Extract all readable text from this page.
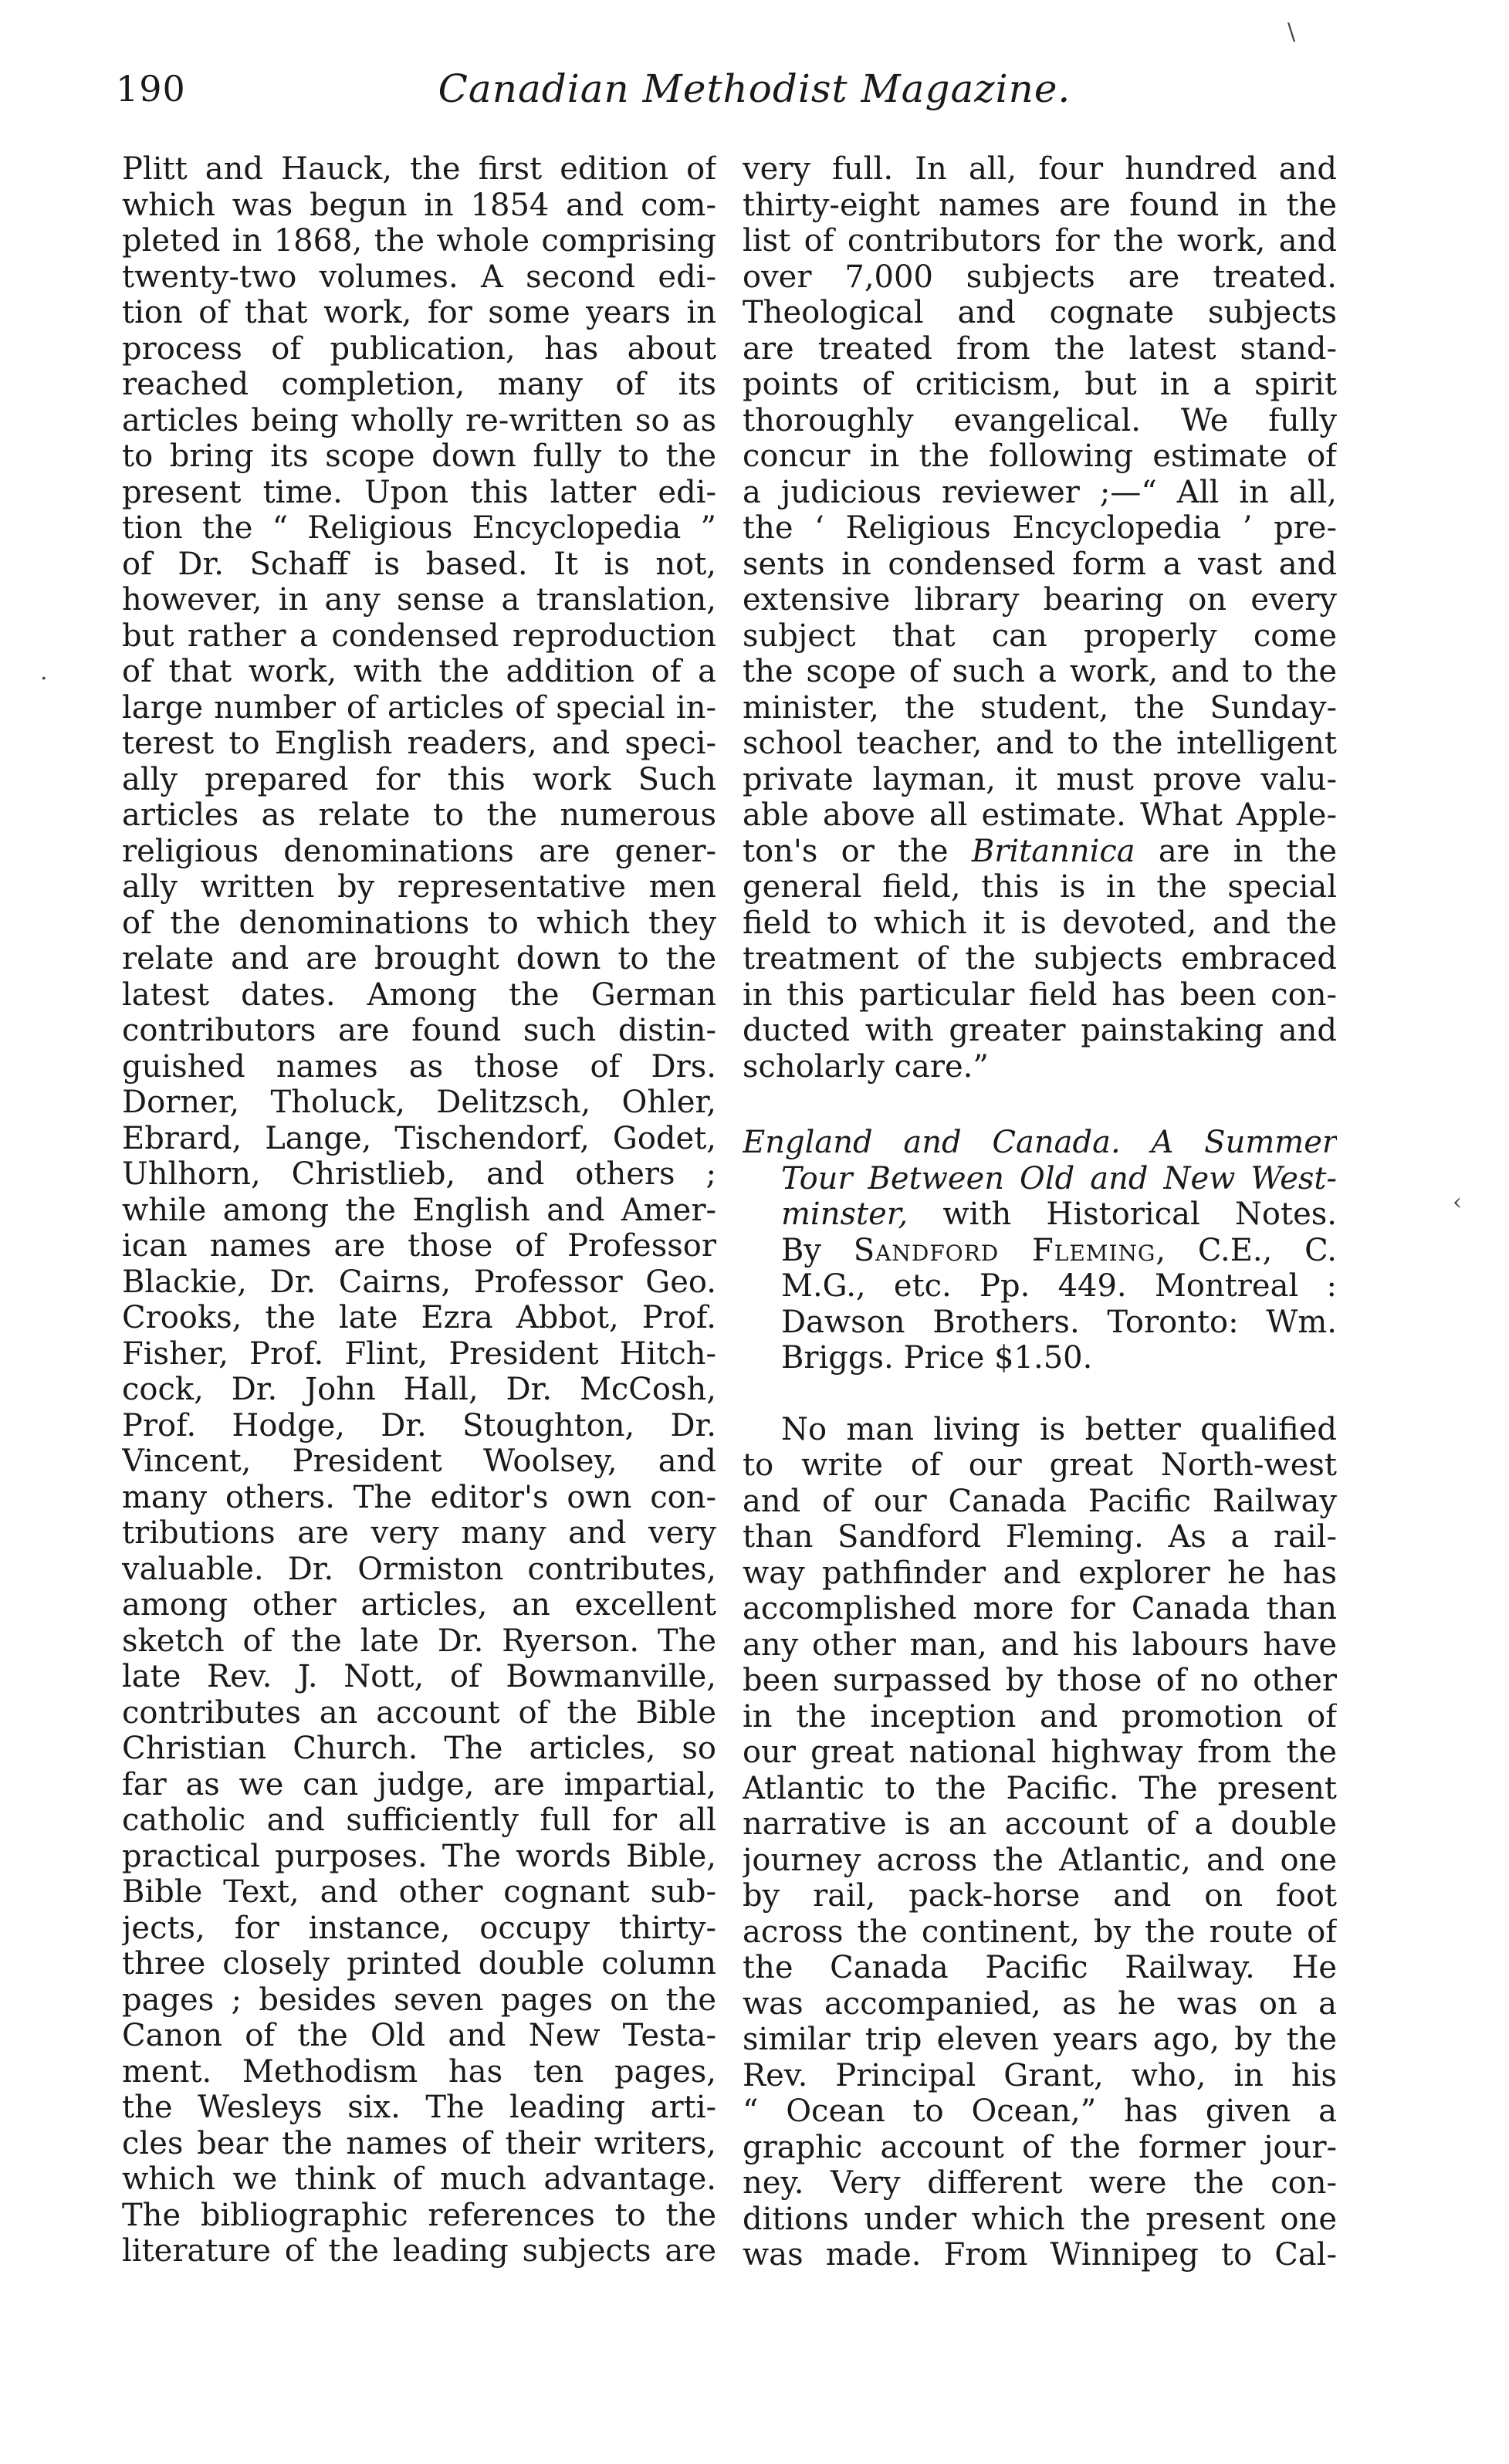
190	Canadian Methodist Magazine.
Plitt and Hauck, the first edition of
which was begun in 1854 and com-
pleted in 1868, the whole comprising
twenty-two volumes. A second edi-
tion of that work, for some years in
process of publication, has about
reached completion, many of its
articles being wholly re-written so as
to bring its scope down fully to the
present time. Upon this latter edi-
tion the “ Religious Encyclopedia ”
of Dr. Schaff is based. It is not,
however, in any sense a translation,
but rather a condensed reproduction
of that work, with the addition of a
large number of articles of special in-
terest to English readers, and speci-
ally prepared for this work Such
articles as relate to the numerous
religious denominations are gener-
ally written by representative men
of the denominations to which they
relate and are brought down to the
latest dates. Among the German
contributors are found such distin-
guished names as those of Drs.
Dorner, Tholuck, Delitzsch, Ohler,
Ebrard, Lange, Tischendorf, Godet,
Uhlhorn, Christlieb, and others ;
while among the English and Amer-
ican names are those of Professor
Blackie, Dr. Cairns, Professor Geo.
Crooks, the late Ezra Abbot, Prof.
Fisher, Prof. Flint, President Hitch-
cock, Dr. John Hall, Dr. McCosh,
Prof. Hodge, Dr. Stoughton, Dr.
Vincent, President Woolsey, and
many others. The editor's own con-
tributions are very many and very
valuable. Dr. Ormiston contributes,
among other articles, an excellent
sketch of the late Dr. Ryerson. The
late Rev. J. Nott, of Bowmanville,
contributes an account of the Bible
Christian Church. The articles, so
far as we can judge, are impartial,
catholic and sufficiently full for all
practical purposes. The words Bible,
Bible Text, and other cognant sub-
jects, for instance, occupy thirty-
three closely printed double column
pages ; besides seven pages on the
Canon of the Old and New Testa-
ment. Methodism has ten pages,
the Wesleys six. The leading arti-
cles bear the names of their writers,
which we think of much advantage.
The bibliographic references to the
literature of the leading subjects are
very full. In all, four hundred and
thirty-eight names are found in the
list of contributors for the work, and
over 7,000 subjects are treated.
Theological and cognate subjects
are treated from the latest stand-
points of criticism, but in a spirit
thoroughly evangelical. We fully
concur in the following estimate of
a judicious reviewer ;—“ All in all,
the ‘ Religious Encyclopedia ’ pre-
sents in condensed form a vast and
extensive library bearing on every
subject that can properly come
the scope of such a work, and to the
minister, the student, the Sunday-
school teacher, and to the intelligent
private layman, it must prove valu-
able above all estimate. What Apple-
ton's or the Britannica are in the
general field, this is in the special
field to which it is devoted, and the
treatment of the subjects embraced
in this particular field has been con-
ducted with greater painstaking and
scholarly care.”
England and Canada. A Summer
Tour Between Old and New West-
minster, with Historical Notes.
By Sandford Fleming, C.E., C.
M.G., etc. Pp. 449. Montreal :
Dawson Brothers. Toronto: Wm.
Briggs. Price $1.50.
No man living is better qualified
to write of our great North-west
and of our Canada Pacific Railway
than Sandford Fleming. As a rail-
way pathfinder and explorer he has
accomplished more for Canada than
any other man, and his labours have
been surpassed by those of no other
in the inception and promotion of
our great national highway from the
Atlantic to the Pacific. The present
narrative is an account of a double
journey across the Atlantic, and one
by rail, pack-horse and on foot
across the continent, by the route of
the Canada Pacific Railway. He
was accompanied, as he was on a
similar trip eleven years ago, by the
Rev. Principal Grant, who, in his
“ Ocean to Ocean,” has given a
graphic account of the former jour-
ney. Very different were the con-
ditions under which the present one
was made. From Winnipeg to Cal-
\
·
‹
